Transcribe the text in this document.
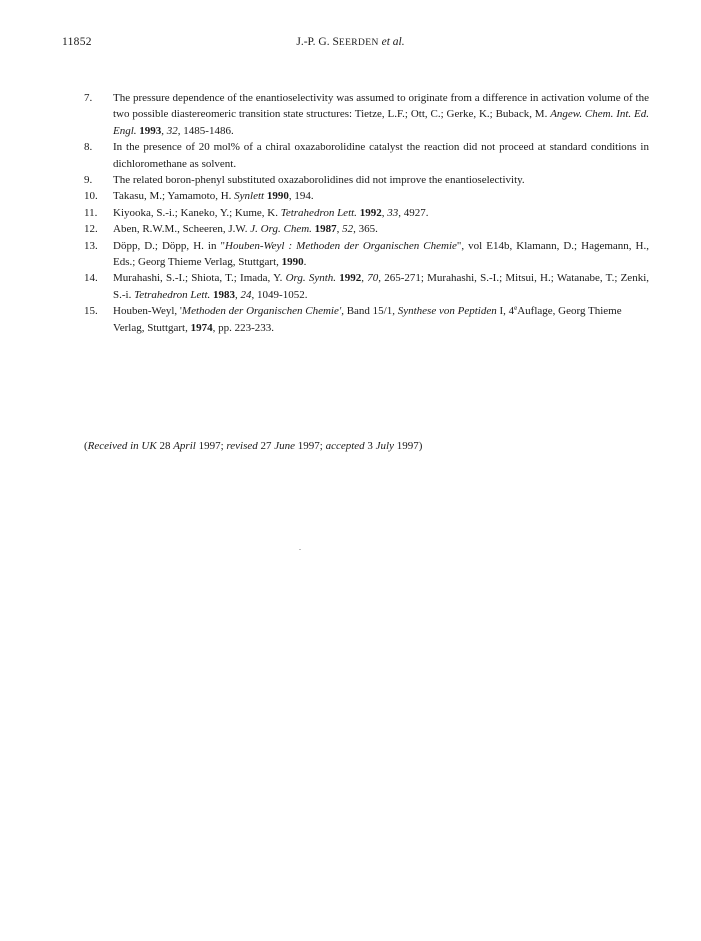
11852	J.-P. G. SEERDEN et al.

7.	The pressure dependence of the enantioselectivity was assumed to originate from a difference in activation volume of the two possible diastereomeric transition state structures: Tietze, L.F.; Ott, C.; Gerke, K.; Buback, M. Angew. Chem. Int. Ed. Engl. 1993, 32, 1485-1486.

8.	In the presence of 20 mol% of a chiral oxazaborolidine catalyst the reaction did not proceed at standard conditions in dichloromethane as solvent.

9.	The related boron-phenyl substituted oxazaborolidines did not improve the enantioselectivity.

10.	Takasu, M.; Yamamoto, H. Synlett 1990, 194.

11.	Kiyooka, S.-i.; Kaneko, Y.; Kume, K. Tetrahedron Lett. 1992, 33, 4927.

12.	Aben, R.W.M., Scheeren, J.W. J. Org. Chem. 1987, 52, 365.

13.	Döpp, D.; Döpp, H. in "Houben-Weyl : Methoden der Organischen Chemie", vol E14b, Klamann, D.; Hagemann, H., Eds.; Georg Thieme Verlag, Stuttgart, 1990.

14.	Murahashi, S.-I.; Shiota, T.; Imada, Y. Org. Synth. 1992, 70, 265-271; Murahashi, S.-I.; Mitsui, H.; Watanabe, T.; Zenki, S.-i. Tetrahedron Lett. 1983, 24, 1049-1052.

15.	Houben-Weyl, 'Methoden der Organischen Chemie', Band 15/1, Synthese von Peptiden I, 4eAuflage, Georg Thieme Verlag, Stuttgart, 1974, pp. 223-233.

(Received in UK 28 April 1997; revised 27 June 1997; accepted 3 July 1997)
